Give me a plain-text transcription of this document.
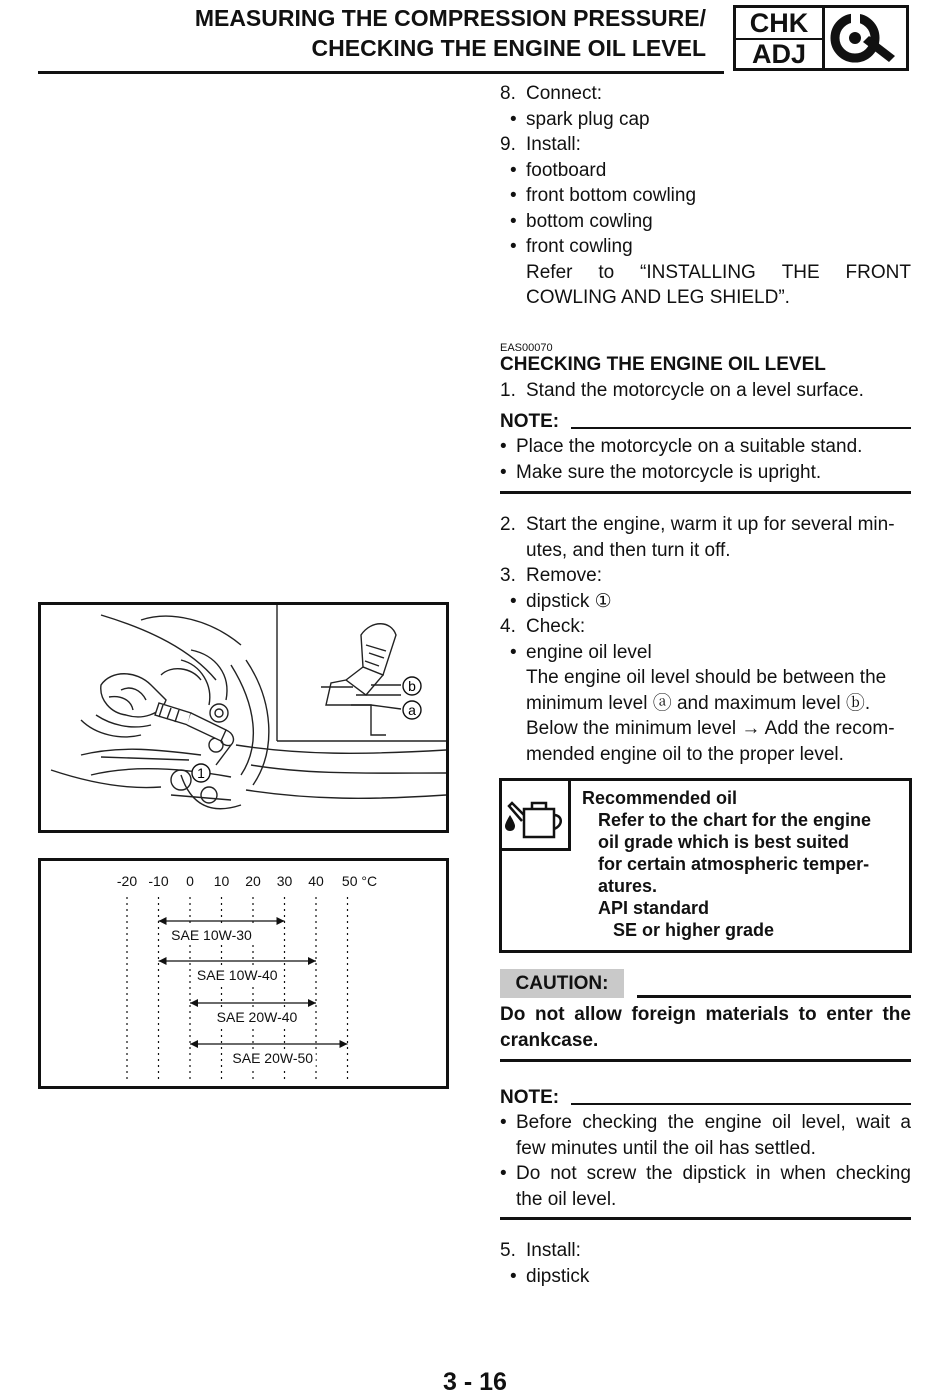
MEASURING THE COMPRESSION PRESSURE/
CHECKING THE ENGINE OIL LEVEL
CHK
ADJ
8. Connect:
• spark plug cap
9. Install:
• footboard
• front bottom cowling
• bottom cowling
• front cowling
Refer to “INSTALLING THE FRONT
COWLING AND LEG SHIELD”.
EAS00070
CHECKING THE ENGINE OIL LEVEL
1. Stand the motorcycle on a level surface.
NOTE:
• Place the motorcycle on a suitable stand.
• Make sure the motorcycle is upright.
2. Start the engine, warm it up for several min-
utes, and then turn it off.
3. Remove:
• dipstick ①
4. Check:
• engine oil level
The engine oil level should be between the
minimum level ⓐ and maximum level ⓑ.
Below the minimum level → Add the recom-
mended engine oil to the proper level.
b
a
1
-20 -10 0 10 20 30 40 50 °C
SAE 10W-30
SAE 10W-40
SAE 20W-40
SAE 20W-50
Recommended oil
Refer to the chart for the engine
oil grade which is best suited
for certain atmospheric temper-
atures.
API standard
SE or higher grade
CAUTION:
Do not allow foreign materials to enter the
crankcase.
NOTE:
• Before checking the engine oil level, wait a
few minutes until the oil has settled.
• Do not screw the dipstick in when checking
the oil level.
5. Install:
• dipstick
3 - 16
